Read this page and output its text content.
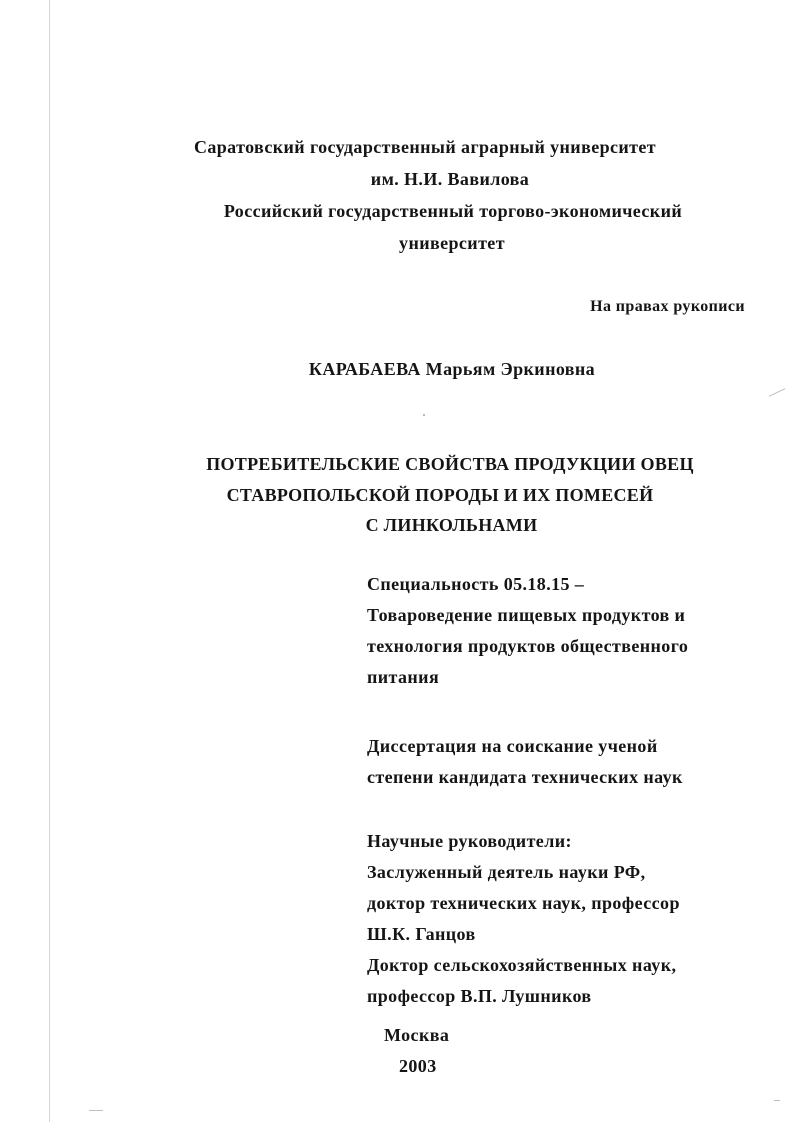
Саратовский государственный аграрный университет
им. Н.И. Вавилова
Российский государственный торгово-экономический
университет
На правах рукописи
КАРАБАЕВА Марьям Эркиновна
ПОТРЕБИТЕЛЬСКИЕ СВОЙСТВА ПРОДУКЦИИ ОВЕЦ
СТАВРОПОЛЬСКОЙ ПОРОДЫ И ИХ ПОМЕСЕЙ
С ЛИНКОЛЬНАМИ
Специальность 05.18.15 –
Товароведение пищевых продуктов и
технология продуктов общественного
питания
Диссертация на соискание ученой
степени кандидата технических наук
Научные руководители:
Заслуженный деятель науки РФ,
доктор технических наук, профессор
Ш.К. Ганцов
Доктор сельскохозяйственных наук,
профессор В.П. Лушников
Москва
2003
